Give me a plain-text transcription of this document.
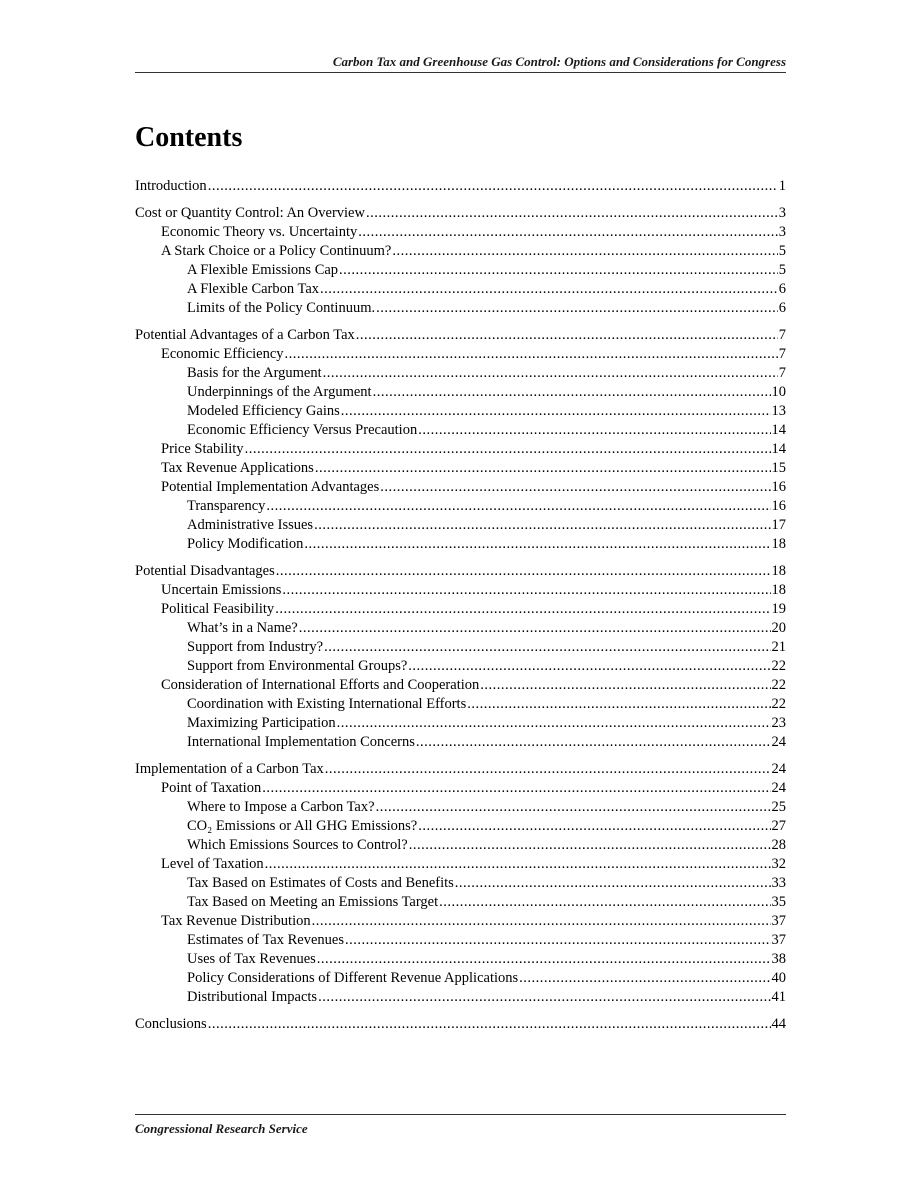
Carbon Tax and Greenhouse Gas Control: Options and Considerations for Congress
Contents
Introduction .....	1
Cost or Quantity Control: An Overview .....	3
Economic Theory vs. Uncertainty .....	3
A Stark Choice or a Policy Continuum? .....	5
A Flexible Emissions Cap .....	5
A Flexible Carbon Tax .....	6
Limits of the Policy Continuum. .....	6
Potential Advantages of a Carbon Tax .....	7
Economic Efficiency .....	7
Basis for the Argument .....	7
Underpinnings of the Argument .....	10
Modeled Efficiency Gains .....	13
Economic Efficiency Versus Precaution .....	14
Price Stability .....	14
Tax Revenue Applications .....	15
Potential Implementation Advantages .....	16
Transparency .....	16
Administrative Issues .....	17
Policy Modification .....	18
Potential Disadvantages .....	18
Uncertain Emissions .....	18
Political Feasibility .....	19
What’s in a Name? .....	20
Support from Industry? .....	21
Support from Environmental Groups? .....	22
Consideration of International Efforts and Cooperation .....	22
Coordination with Existing International Efforts .....	22
Maximizing Participation .....	23
International Implementation Concerns .....	24
Implementation of a Carbon Tax .....	24
Point of Taxation .....	24
Where to Impose a Carbon Tax? .....	25
CO₂ Emissions or All GHG Emissions? .....	27
Which Emissions Sources to Control? .....	28
Level of Taxation .....	32
Tax Based on Estimates of Costs and Benefits .....	33
Tax Based on Meeting an Emissions Target .....	35
Tax Revenue Distribution .....	37
Estimates of Tax Revenues .....	37
Uses of Tax Revenues .....	38
Policy Considerations of Different Revenue Applications .....	40
Distributional Impacts .....	41
Conclusions .....	44
Congressional Research Service
